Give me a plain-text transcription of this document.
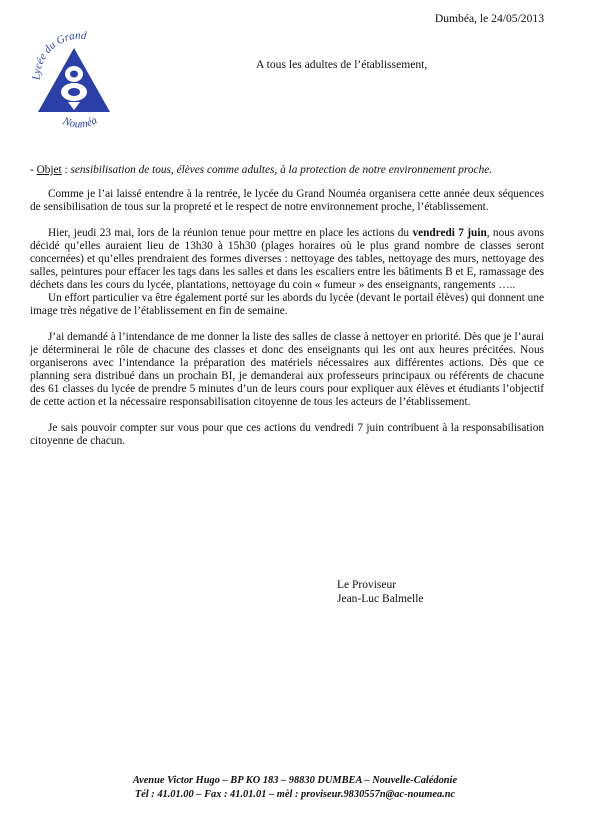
Lycée du Grand
Nouméa
Dumbéa, le 24/05/2013
A tous les adultes de l’établissement,
- Objet : sensibilisation de tous, élèves comme adultes, à la protection de notre environnement proche.

Comme je l’ai laissé entendre à la rentrée, le lycée du Grand Nouméa organisera cette année deux séquences de sensibilisation de tous sur la propreté et le respect de notre environnement proche, l’établissement.

Hier, jeudi 23 mai, lors de la réunion tenue pour mettre en place les actions du vendredi 7 juin, nous avons décidé qu’elles auraient lieu de 13h30 à 15h30 (plages horaires où le plus grand nombre de classes seront concernées) et qu’elles prendraient des formes diverses : nettoyage des tables, nettoyage des murs, nettoyage des salles, peintures pour effacer les tags dans les salles et dans les escaliers entre les bâtiments B et E, ramassage des déchets dans les cours du lycée, plantations, nettoyage du coin « fumeur » des enseignants, rangements …..

Un effort particulier va être également porté sur les abords du lycée (devant le portail élèves) qui donnent une image très négative de l’établissement en fin de semaine.

J’ai demandé à l’intendance de me donner la liste des salles de classe à nettoyer en priorité. Dès que je l’aurai je déterminerai le rôle de chacune des classes et donc des enseignants qui les ont aux heures précitées. Nous organiserons avec l’intendance la préparation des matériels nécessaires aux différentes actions. Dès que ce planning sera distribué dans un prochain BI, je demanderai aux professeurs principaux ou référents de chacune des 61 classes du lycée de prendre 5 minutes d’un de leurs cours pour expliquer aux élèves et étudiants l’objectif de cette action et la nécessaire responsabilisation citoyenne de tous les acteurs de l’établissement.

Je sais pouvoir compter sur vous pour que ces actions du vendredi 7 juin contribuent à la responsabilisation citoyenne de chacun.

Le Proviseur
Jean-Luc Balmelle
Avenue Victor Hugo – BP KO 183 – 98830 DUMBEA – Nouvelle-Calédonie
Tél : 41.01.00 – Fax : 41.01.01 – mèl : proviseur.9830557n@ac-noumea.nc
